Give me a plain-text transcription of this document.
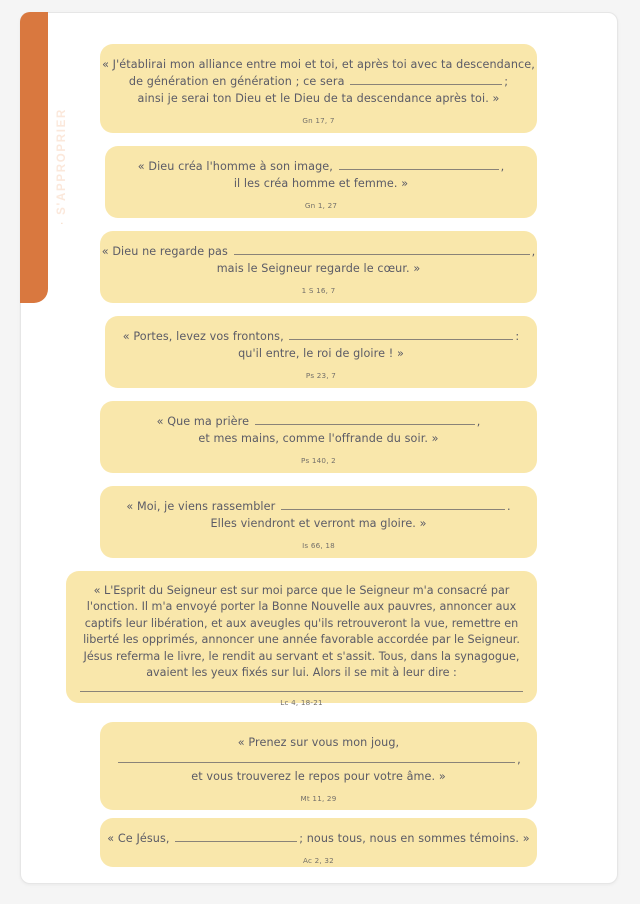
ÉTAPE 1 · S'APPROPRIER
« J'établirai mon alliance entre moi et toi, et après toi avec ta descendance,
de génération en génération ; ce sera	;
ainsi je serai ton Dieu et le Dieu de ta descendance après toi. »
Gn 17, 7
« Dieu créa l'homme à son image,	,
il les créa homme et femme. »
Gn 1, 27
« Dieu ne regarde pas	,
mais le Seigneur regarde le cœur. »
1 S 16, 7
« Portes, levez vos frontons,	:
qu'il entre, le roi de gloire ! »
Ps 23, 7
« Que ma prière	,
et mes mains, comme l'offrande du soir. »
Ps 140, 2
« Moi, je viens rassembler	.
Elles viendront et verront ma gloire. »
Is 66, 18
« L'Esprit du Seigneur est sur moi parce que le Seigneur m'a consacré par l'onction. Il m'a envoyé porter la Bonne Nouvelle aux pauvres, annoncer aux captifs leur libération, et aux aveugles qu'ils retrouveront la vue, remettre en liberté les opprimés, annoncer une année favorable accordée par le Seigneur. Jésus referma le livre, le rendit au servant et s'assit. Tous, dans la synagogue, avaient les yeux fixés sur lui. Alors il se mit à leur dire :
Lc 4, 18-21
« Prenez sur vous mon joug,
,
et vous trouverez le repos pour votre âme. »
Mt 11, 29
« Ce Jésus,	; nous tous, nous en sommes témoins. »
Ac 2, 32
